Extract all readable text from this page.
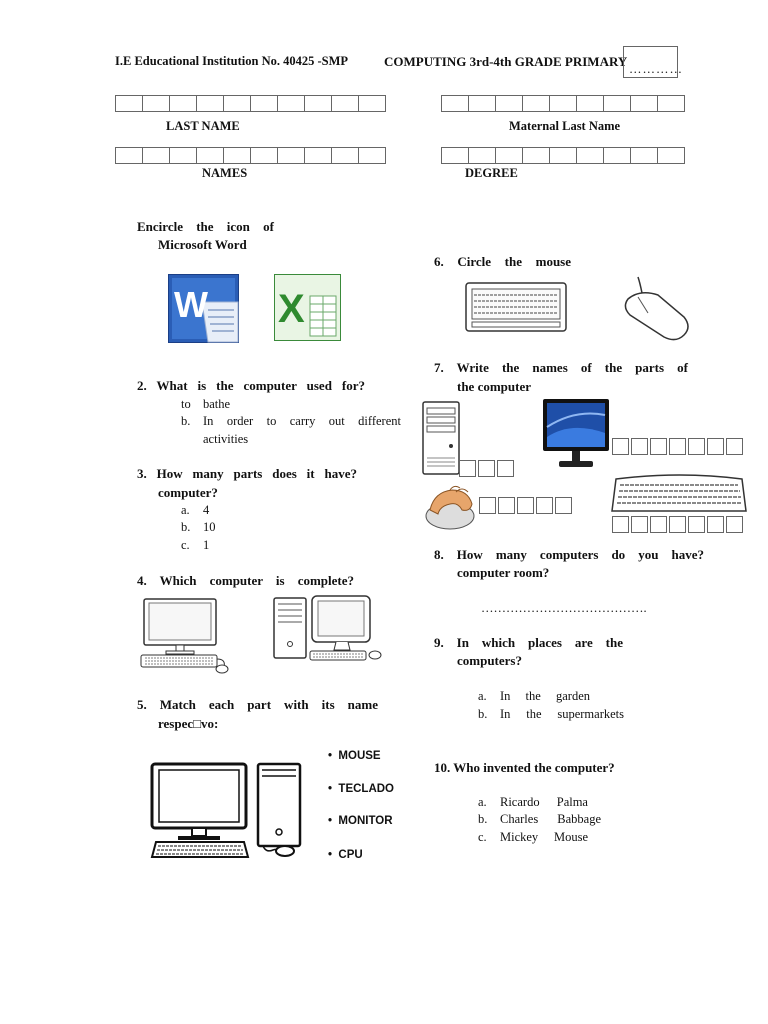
I.E Educational Institution No. 40425 -SMP	COMPUTING 3rd-4th GRADE PRIMARY …………
LAST NAME	Maternal Last Name
NAMES	DEGREE
Encircle the icon of
Microsoft Word
W X
2. What is the computer used for?
to bathe
b. In order to carry out different
activities
3. How many parts does it have?
computer?
a. 4
b. 10
c. 1
4. Which computer is complete?
5. Match each part with its name
respec□vo:
•  MOUSE
•  TECLADO
•  MONITOR
•  CPU
6. Circle the mouse
7. Write the names of the parts of
the computer
8. How many computers do you have?
computer room?
………………………………….
9. In which places are the
computers?
a. In the garden
b. In the supermarkets
10. Who invented the computer?
a. Ricardo Palma
b. Charles Babbage
c. Mickey Mouse
